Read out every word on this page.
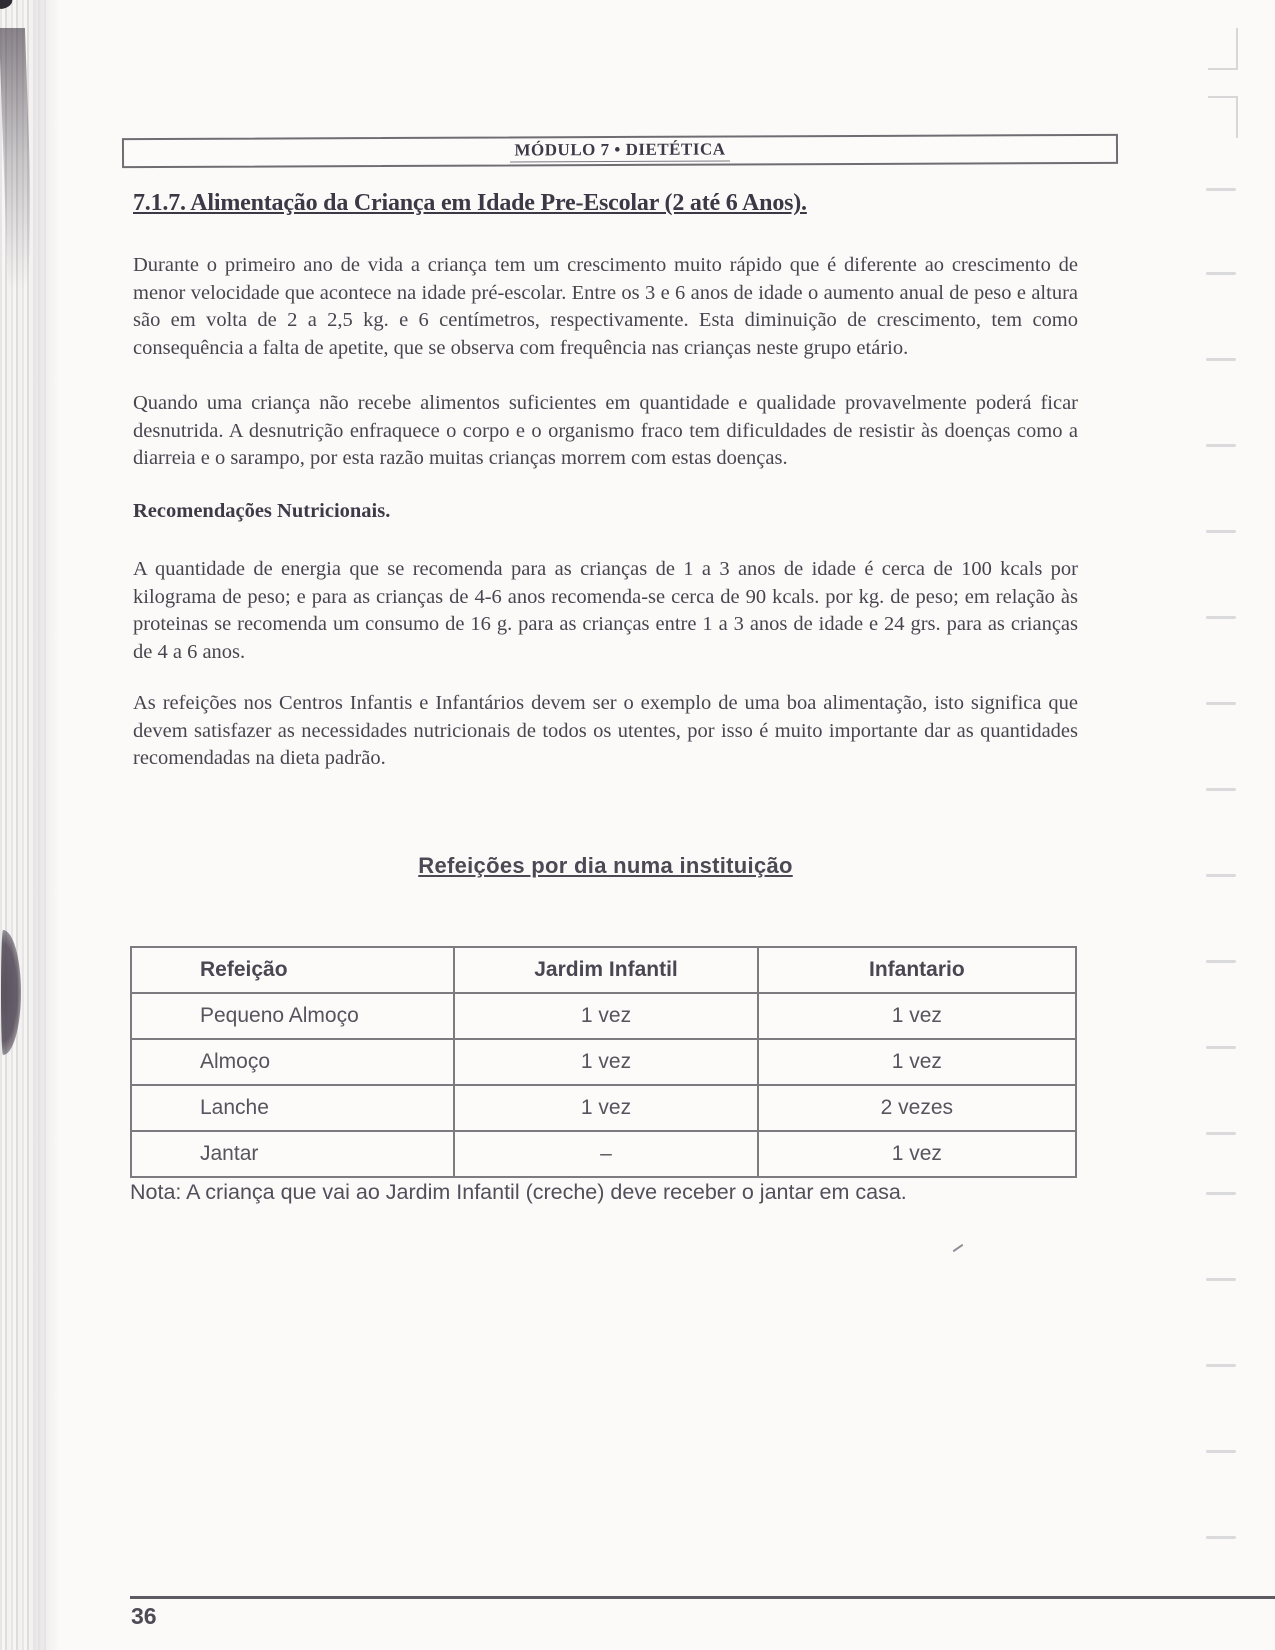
MÓDULO 7 • DIETÉTICA
7.1.7. Alimentação da Criança em Idade Pre-Escolar (2 até 6 Anos).
Durante o primeiro ano de vida a criança tem um crescimento muito rápido que é diferente ao crescimento de menor velocidade que acontece na idade pré-escolar. Entre os 3 e 6 anos de idade o aumento anual de peso e altura são em volta de 2 a 2,5 kg. e 6 centímetros, respectivamente. Esta diminuição de crescimento, tem como consequência a falta de apetite, que se observa com frequência nas crianças neste grupo etário.
Quando uma criança não recebe alimentos suficientes em quantidade e qualidade provavelmente poderá ficar desnutrida. A desnutrição enfraquece o corpo e o organismo fraco tem dificuldades de resistir às doenças como a diarreia e o sarampo, por esta razão muitas crianças morrem com estas doenças.
Recomendações Nutricionais.
A quantidade de energia que se recomenda para as crianças de 1 a 3 anos de idade é cerca de 100 kcals por kilograma de peso; e para as crianças de 4-6 anos recomenda-se cerca de 90 kcals. por kg. de peso; em relação às proteinas se recomenda um consumo de 16 g. para as crianças entre 1 a 3 anos de idade e 24 grs. para as crianças de 4 a 6 anos.
As refeições nos Centros Infantis e Infantários devem ser o exemplo de uma boa alimentação, isto significa que devem satisfazer as necessidades nutricionais de todos os utentes, por isso é muito importante dar as quantidades recomendadas na dieta padrão.
Refeições por dia numa instituição
Refeição	Jardim Infantil	Infantario
Pequeno Almoço	1 vez	1 vez
Almoço	1 vez	1 vez
Lanche	1 vez	2 vezes
Jantar	–	1 vez
Nota: A criança que vai ao Jardim Infantil (creche) deve receber o jantar em casa.
36
